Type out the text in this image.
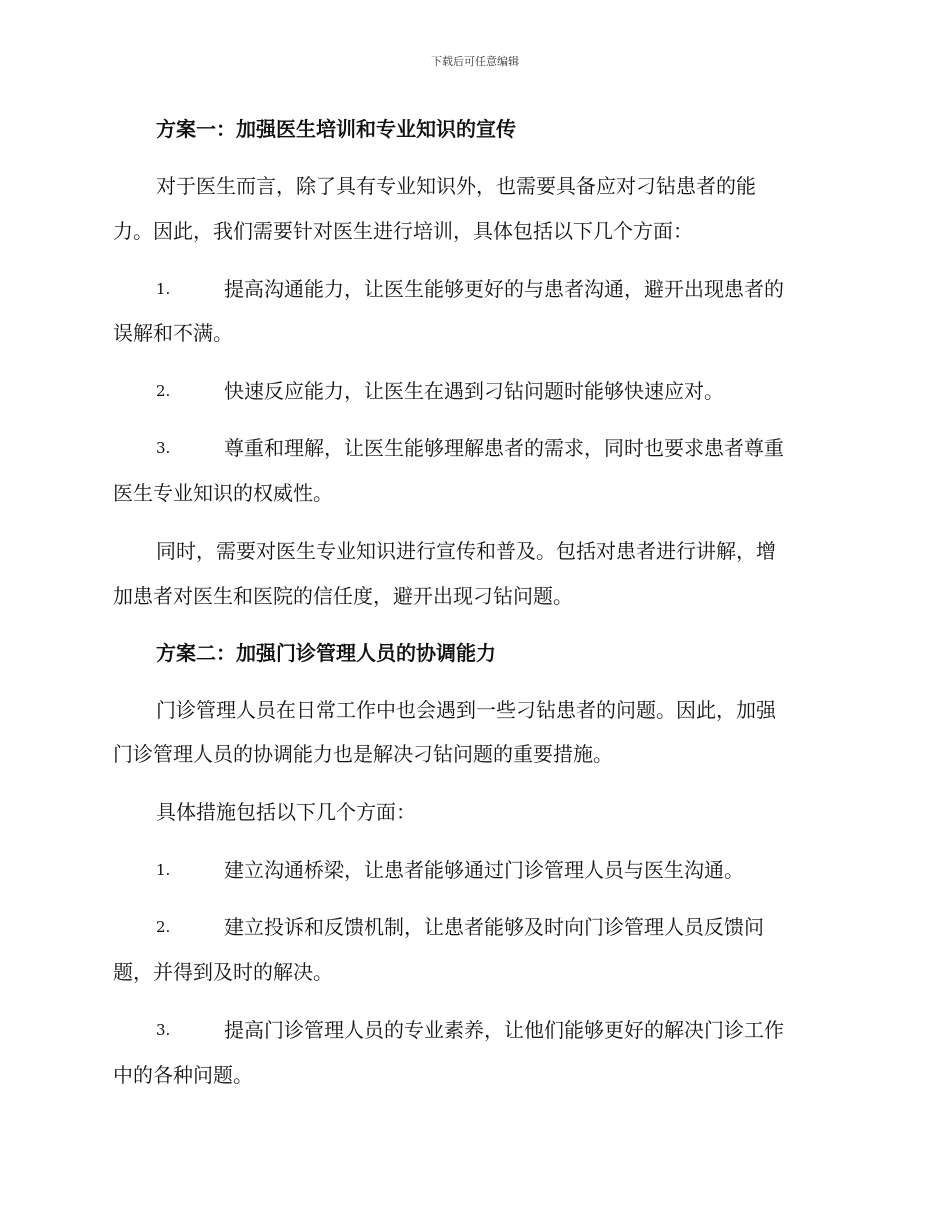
下载后可任意编辑
方案一：加强医生培训和专业知识的宣传
对于医生而言，除了具有专业知识外，也需要具备应对刁钻患者的能
力。因此，我们需要针对医生进行培训，具体包括以下几个方面：
1.	提高沟通能力，让医生能够更好的与患者沟通，避开出现患者的
误解和不满。
2.	快速反应能力，让医生在遇到刁钻问题时能够快速应对。
3.	尊重和理解，让医生能够理解患者的需求，同时也要求患者尊重
医生专业知识的权威性。
同时，需要对医生专业知识进行宣传和普及。包括对患者进行讲解，增
加患者对医生和医院的信任度，避开出现刁钻问题。
方案二：加强门诊管理人员的协调能力
门诊管理人员在日常工作中也会遇到一些刁钻患者的问题。因此，加强
门诊管理人员的协调能力也是解决刁钻问题的重要措施。
具体措施包括以下几个方面：
1.	建立沟通桥梁，让患者能够通过门诊管理人员与医生沟通。
2.	建立投诉和反馈机制，让患者能够及时向门诊管理人员反馈问
题，并得到及时的解决。
3.	提高门诊管理人员的专业素养，让他们能够更好的解决门诊工作
中的各种问题。
